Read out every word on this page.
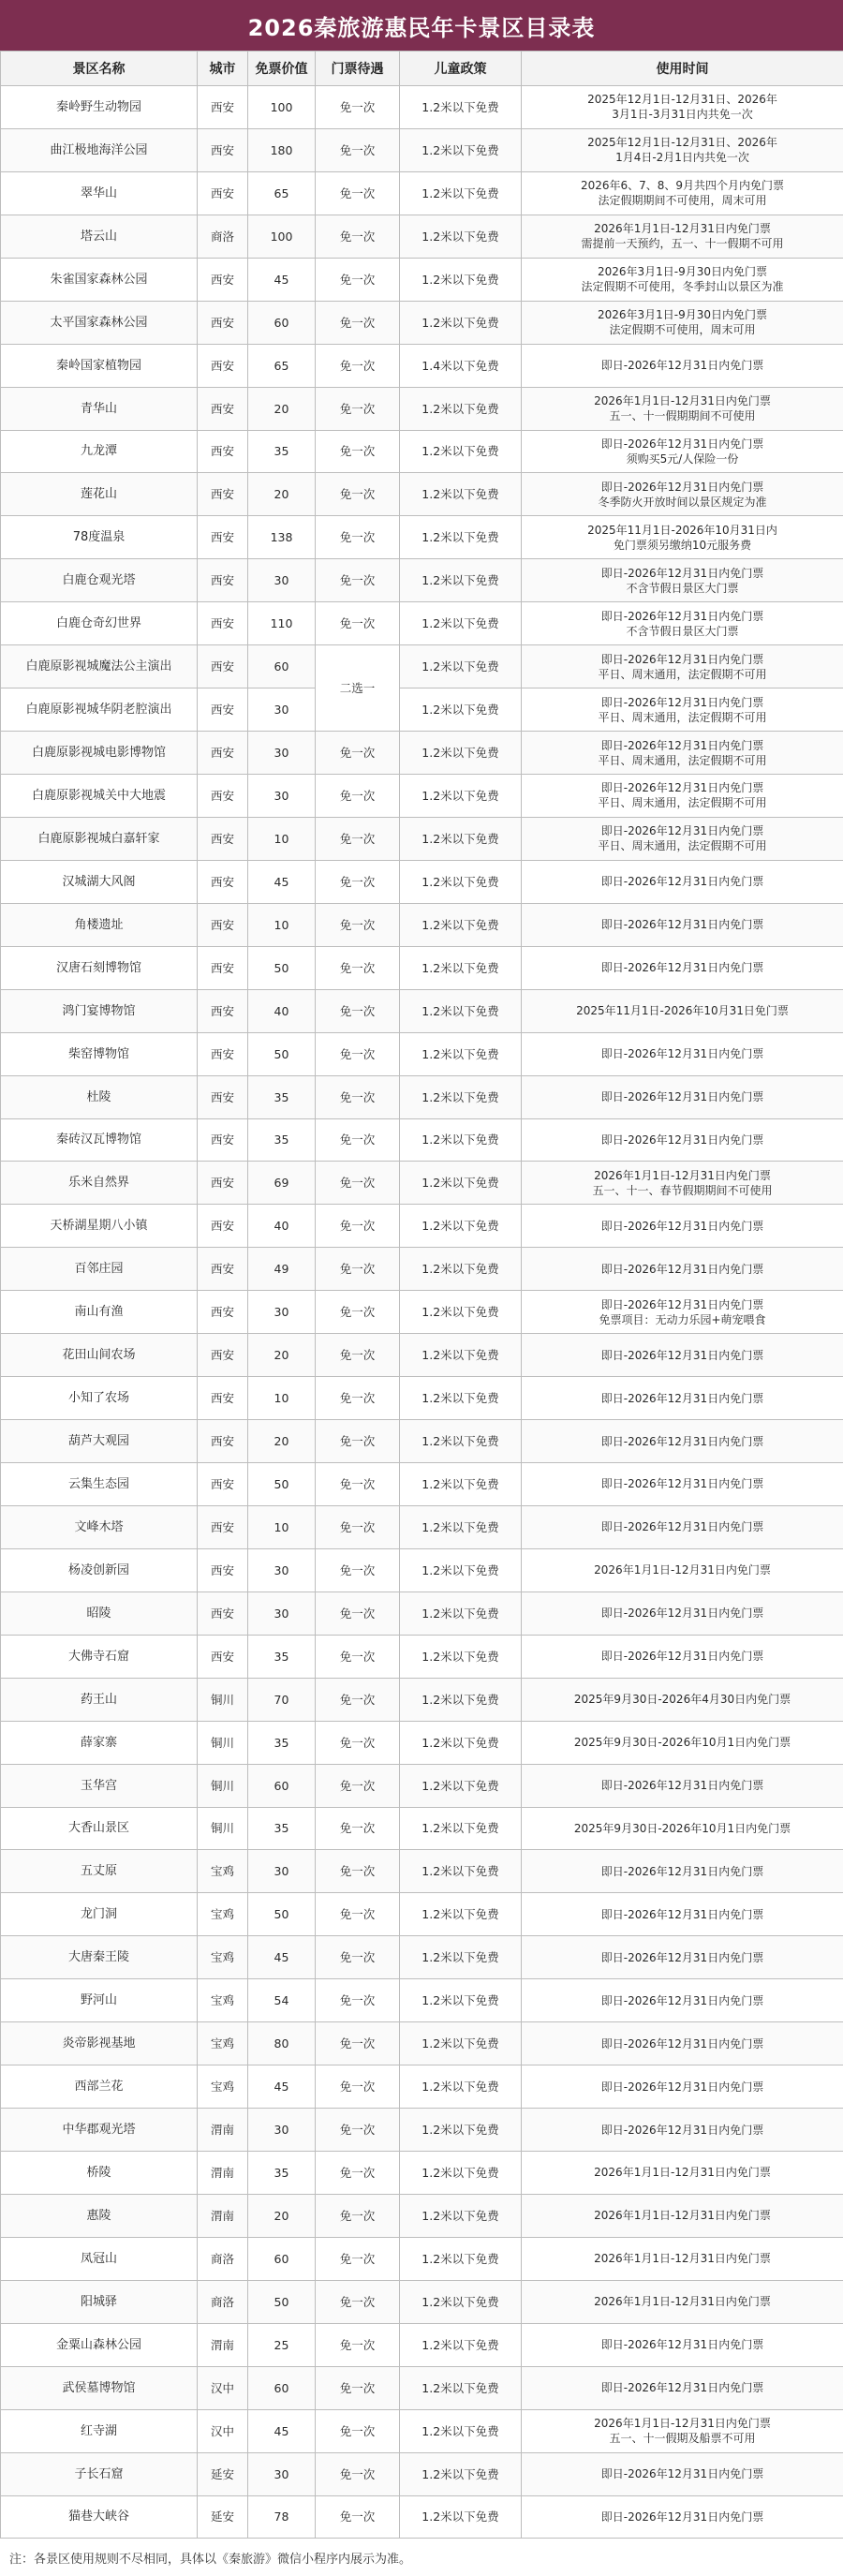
2026秦旅游惠民年卡景区目录表
景区名称	城市	免票价值	门票待遇	儿童政策	使用时间
秦岭野生动物园	西安	100	免一次	1.2米以下免费	2025年12月1日-12月31日、2026年
3月1日-3月31日内共免一次
曲江极地海洋公园	西安	180	免一次	1.2米以下免费	2025年12月1日-12月31日、2026年
1月4日-2月1日内共免一次
翠华山	西安	65	免一次	1.2米以下免费	2026年6、7、8、9月共四个月内免门票
法定假期期间不可使用，周末可用
塔云山	商洛	100	免一次	1.2米以下免费	2026年1月1日-12月31日内免门票
需提前一天预约，五一、十一假期不可用
朱雀国家森林公园	西安	45	免一次	1.2米以下免费	2026年3月1日-9月30日内免门票
法定假期不可使用，冬季封山以景区为准
太平国家森林公园	西安	60	免一次	1.2米以下免费	2026年3月1日-9月30日内免门票
法定假期不可使用，周末可用
秦岭国家植物园	西安	65	免一次	1.4米以下免费	即日-2026年12月31日内免门票
青华山	西安	20	免一次	1.2米以下免费	2026年1月1日-12月31日内免门票
五一、十一假期期间不可使用
九龙潭	西安	35	免一次	1.2米以下免费	即日-2026年12月31日内免门票
须购买5元/人保险一份
莲花山	西安	20	免一次	1.2米以下免费	即日-2026年12月31日内免门票
冬季防火开放时间以景区规定为准
78度温泉	西安	138	免一次	1.2米以下免费	2025年11月1日-2026年10月31日内
免门票须另缴纳10元服务费
白鹿仓观光塔	西安	30	免一次	1.2米以下免费	即日-2026年12月31日内免门票
不含节假日景区大门票
白鹿仓奇幻世界	西安	110	免一次	1.2米以下免费	即日-2026年12月31日内免门票
不含节假日景区大门票
白鹿原影视城魔法公主演出	西安	60	二选一	1.2米以下免费	即日-2026年12月31日内免门票
平日、周末通用，法定假期不可用
白鹿原影视城华阴老腔演出	西安	30		1.2米以下免费	即日-2026年12月31日内免门票
平日、周末通用，法定假期不可用
白鹿原影视城电影博物馆	西安	30	免一次	1.2米以下免费	即日-2026年12月31日内免门票
平日、周末通用，法定假期不可用
白鹿原影视城关中大地震	西安	30	免一次	1.2米以下免费	即日-2026年12月31日内免门票
平日、周末通用，法定假期不可用
白鹿原影视城白嘉轩家	西安	10	免一次	1.2米以下免费	即日-2026年12月31日内免门票
平日、周末通用，法定假期不可用
汉城湖大风阁	西安	45	免一次	1.2米以下免费	即日-2026年12月31日内免门票
角楼遗址	西安	10	免一次	1.2米以下免费	即日-2026年12月31日内免门票
汉唐石刻博物馆	西安	50	免一次	1.2米以下免费	即日-2026年12月31日内免门票
鸿门宴博物馆	西安	40	免一次	1.2米以下免费	2025年11月1日-2026年10月31日免门票
柴窑博物馆	西安	50	免一次	1.2米以下免费	即日-2026年12月31日内免门票
杜陵	西安	35	免一次	1.2米以下免费	即日-2026年12月31日内免门票
秦砖汉瓦博物馆	西安	35	免一次	1.2米以下免费	即日-2026年12月31日内免门票
乐米自然界	西安	69	免一次	1.2米以下免费	2026年1月1日-12月31日内免门票
五一、十一、春节假期期间不可使用
天桥湖星期八小镇	西安	40	免一次	1.2米以下免费	即日-2026年12月31日内免门票
百邻庄园	西安	49	免一次	1.2米以下免费	即日-2026年12月31日内免门票
南山有渔	西安	30	免一次	1.2米以下免费	即日-2026年12月31日内免门票
免票项目：无动力乐园+萌宠喂食
花田山间农场	西安	20	免一次	1.2米以下免费	即日-2026年12月31日内免门票
小知了农场	西安	10	免一次	1.2米以下免费	即日-2026年12月31日内免门票
葫芦大观园	西安	20	免一次	1.2米以下免费	即日-2026年12月31日内免门票
云集生态园	西安	50	免一次	1.2米以下免费	即日-2026年12月31日内免门票
文峰木塔	西安	10	免一次	1.2米以下免费	即日-2026年12月31日内免门票
杨凌创新园	西安	30	免一次	1.2米以下免费	2026年1月1日-12月31日内免门票
昭陵	西安	30	免一次	1.2米以下免费	即日-2026年12月31日内免门票
大佛寺石窟	西安	35	免一次	1.2米以下免费	即日-2026年12月31日内免门票
药王山	铜川	70	免一次	1.2米以下免费	2025年9月30日-2026年4月30日内免门票
薛家寨	铜川	35	免一次	1.2米以下免费	2025年9月30日-2026年10月1日内免门票
玉华宫	铜川	60	免一次	1.2米以下免费	即日-2026年12月31日内免门票
大香山景区	铜川	35	免一次	1.2米以下免费	2025年9月30日-2026年10月1日内免门票
五丈原	宝鸡	30	免一次	1.2米以下免费	即日-2026年12月31日内免门票
龙门洞	宝鸡	50	免一次	1.2米以下免费	即日-2026年12月31日内免门票
大唐秦王陵	宝鸡	45	免一次	1.2米以下免费	即日-2026年12月31日内免门票
野河山	宝鸡	54	免一次	1.2米以下免费	即日-2026年12月31日内免门票
炎帝影视基地	宝鸡	80	免一次	1.2米以下免费	即日-2026年12月31日内免门票
西部兰花	宝鸡	45	免一次	1.2米以下免费	即日-2026年12月31日内免门票
中华郡观光塔	渭南	30	免一次	1.2米以下免费	即日-2026年12月31日内免门票
桥陵	渭南	35	免一次	1.2米以下免费	2026年1月1日-12月31日内免门票
惠陵	渭南	20	免一次	1.2米以下免费	2026年1月1日-12月31日内免门票
凤冠山	商洛	60	免一次	1.2米以下免费	2026年1月1日-12月31日内免门票
阳城驿	商洛	50	免一次	1.2米以下免费	2026年1月1日-12月31日内免门票
金粟山森林公园	渭南	25	免一次	1.2米以下免费	即日-2026年12月31日内免门票
武侯墓博物馆	汉中	60	免一次	1.2米以下免费	即日-2026年12月31日内免门票
红寺湖	汉中	45	免一次	1.2米以下免费	2026年1月1日-12月31日内免门票
五一、十一假期及船票不可用
子长石窟	延安	30	免一次	1.2米以下免费	即日-2026年12月31日内免门票
猫巷大峡谷	延安	78	免一次	1.2米以下免费	即日-2026年12月31日内免门票
注：各景区使用规则不尽相同，具体以《秦旅游》微信小程序内展示为准。
